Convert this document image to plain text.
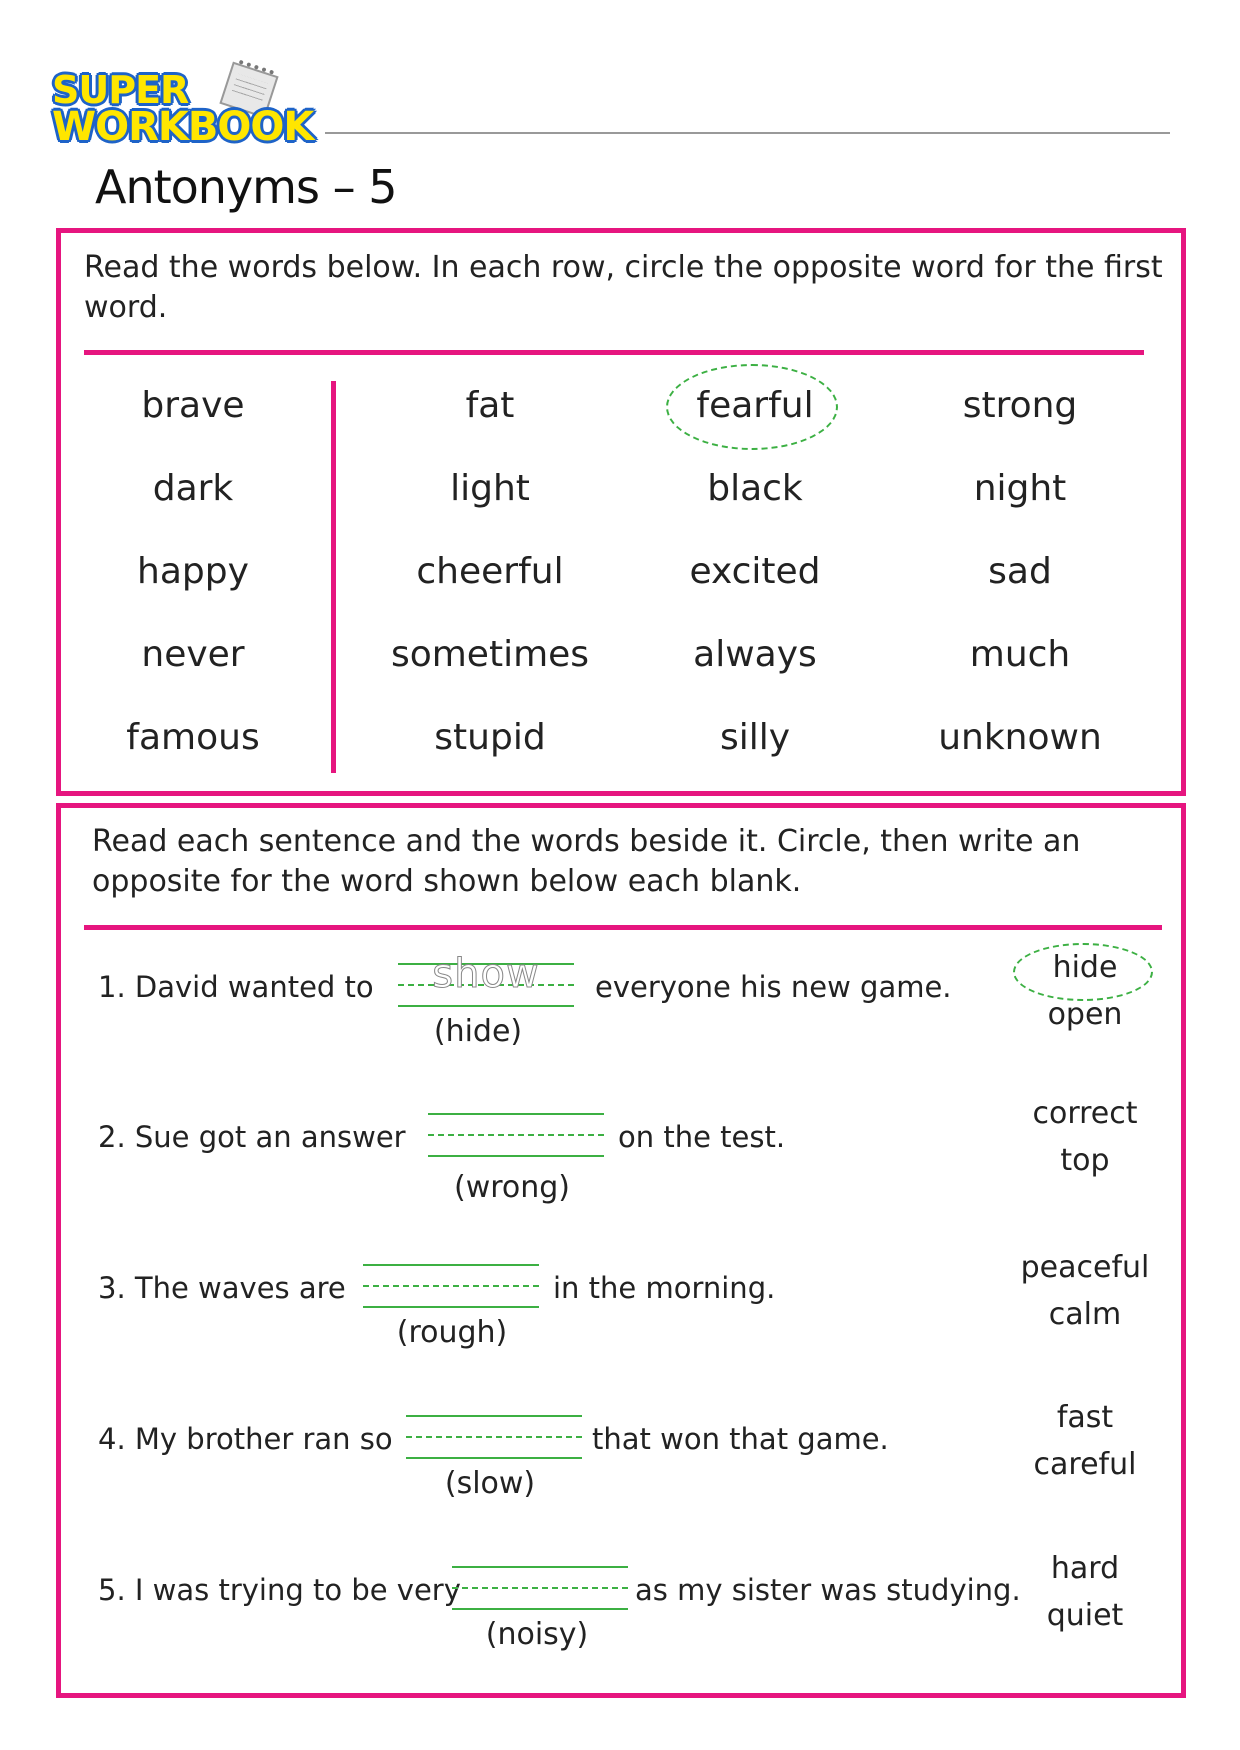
SUPER
WORKBOOK
Antonyms – 5
Read the words below. In each row, circle the opposite word for the first word.
brave	fat	fearful	strong
dark	light	black	night
happy	cheerful	excited	sad
never	sometimes	always	much
famous	stupid	silly	unknown
Read each sentence and the words beside it. Circle, then write an opposite for the word shown below each blank.
1. David wanted to	show	everyone his new game.
(hide)
hide
open
2. Sue got an answer	on the test.
(wrong)
correct
top
3. The waves are	in the morning.
(rough)
peaceful
calm
4. My brother ran so	that won that game.
(slow)
fast
careful
5. I was trying to be very	as my sister was studying.
(noisy)
hard
quiet
